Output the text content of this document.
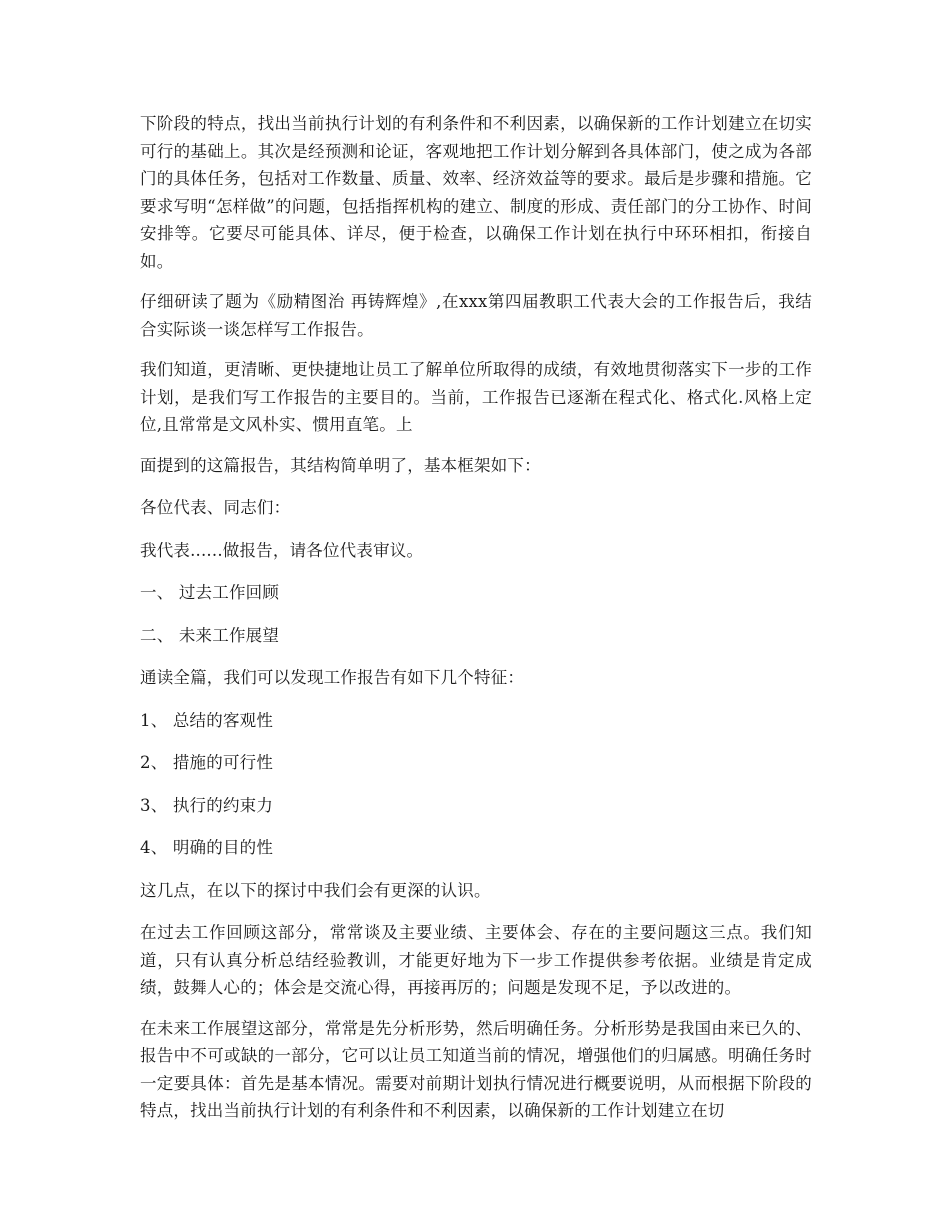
下阶段的特点，找出当前执行计划的有利条件和不利因素，以确保新的工作计划建立在切实可行的基础上。其次是经预测和论证，客观地把工作计划分解到各具体部门，使之成为各部门的具体任务，包括对工作数量、质量、效率、经济效益等的要求。最后是步骤和措施。它要求写明“怎样做”的问题，包括指挥机构的建立、制度的形成、责任部门的分工协作、时间安排等。它要尽可能具体、详尽，便于检查，以确保工作计划在执行中环环相扣，衔接自如。

仔细研读了题为《励精图治 再铸辉煌》,在xxx第四届教职工代表大会的工作报告后，我结合实际谈一谈怎样写工作报告。

我们知道，更清晰、更快捷地让员工了解单位所取得的成绩，有效地贯彻落实下一步的工作计划，是我们写工作报告的主要目的。当前，工作报告已逐渐在程式化、格式化.风格上定位,且常常是文风朴实、惯用直笔。上

面提到的这篇报告，其结构简单明了，基本框架如下：

各位代表、同志们：

我代表......做报告，请各位代表审议。

一、 过去工作回顾

二、 未来工作展望

通读全篇，我们可以发现工作报告有如下几个特征：

1、 总结的客观性

2、 措施的可行性

3、 执行的约束力

4、 明确的目的性

这几点，在以下的探讨中我们会有更深的认识。

在过去工作回顾这部分，常常谈及主要业绩、主要体会、存在的主要问题这三点。我们知道，只有认真分析总结经验教训，才能更好地为下一步工作提供参考依据。业绩是肯定成绩，鼓舞人心的；体会是交流心得，再接再厉的；问题是发现不足，予以改进的。

在未来工作展望这部分，常常是先分析形势，然后明确任务。分析形势是我国由来已久的、报告中不可或缺的一部分，它可以让员工知道当前的情况，增强他们的归属感。明确任务时一定要具体：首先是基本情况。需要对前期计划执行情况进行概要说明，从而根据下阶段的特点，找出当前执行计划的有利条件和不利因素，以确保新的工作计划建立在切
